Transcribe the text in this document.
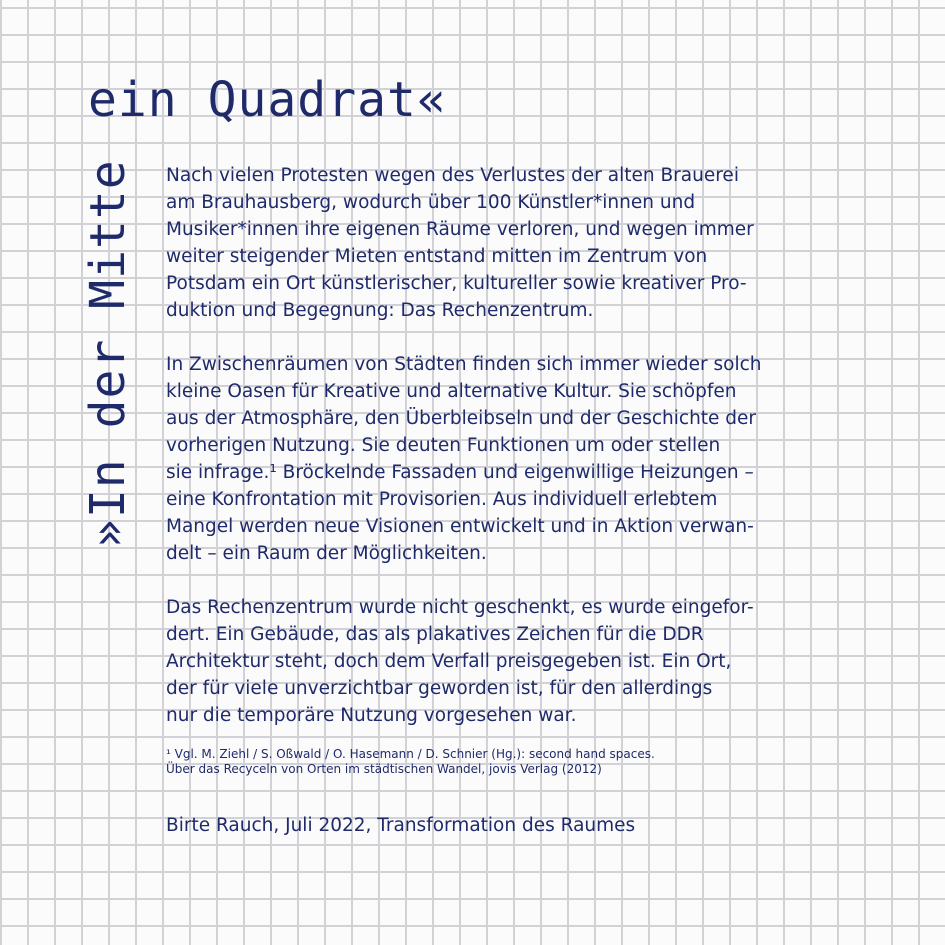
ein Quadrat«
»In der Mitte Nach vielen Protesten wegen des Verlustes der alten Brauerei
am Brauhausberg, wodurch über 100 Künstler*innen und
Musiker*innen ihre eigenen Räume verloren, und wegen immer
weiter steigender Mieten entstand mitten im Zentrum von
Potsdam ein Ort künstlerischer, kultureller sowie kreativer Pro-
duktion und Begegnung: Das Rechenzentrum.

In Zwischenräumen von Städten finden sich immer wieder solch
kleine Oasen für Kreative und alternative Kultur. Sie schöpfen
aus der Atmosphäre, den Überbleibseln und der Geschichte der
vorherigen Nutzung. Sie deuten Funktionen um oder stellen
sie infrage.¹ Bröckelnde Fassaden und eigenwillige Heizungen –
eine Konfrontation mit Provisorien. Aus individuell erlebtem
Mangel werden neue Visionen entwickelt und in Aktion verwan-
delt – ein Raum der Möglichkeiten.

Das Rechenzentrum wurde nicht geschenkt, es wurde eingefor-
dert. Ein Gebäude, das als plakatives Zeichen für die DDR
Architektur steht, doch dem Verfall preisgegeben ist. Ein Ort,
der für viele unverzichtbar geworden ist, für den allerdings
nur die temporäre Nutzung vorgesehen war.

¹ Vgl. M. Ziehl / S. Oßwald / O. Hasemann / D. Schnier (Hg.): second hand spaces.
Über das Recyceln von Orten im städtischen Wandel, jovis Verlag (2012)
Birte Rauch, Juli 2022, Transformation des Raumes
